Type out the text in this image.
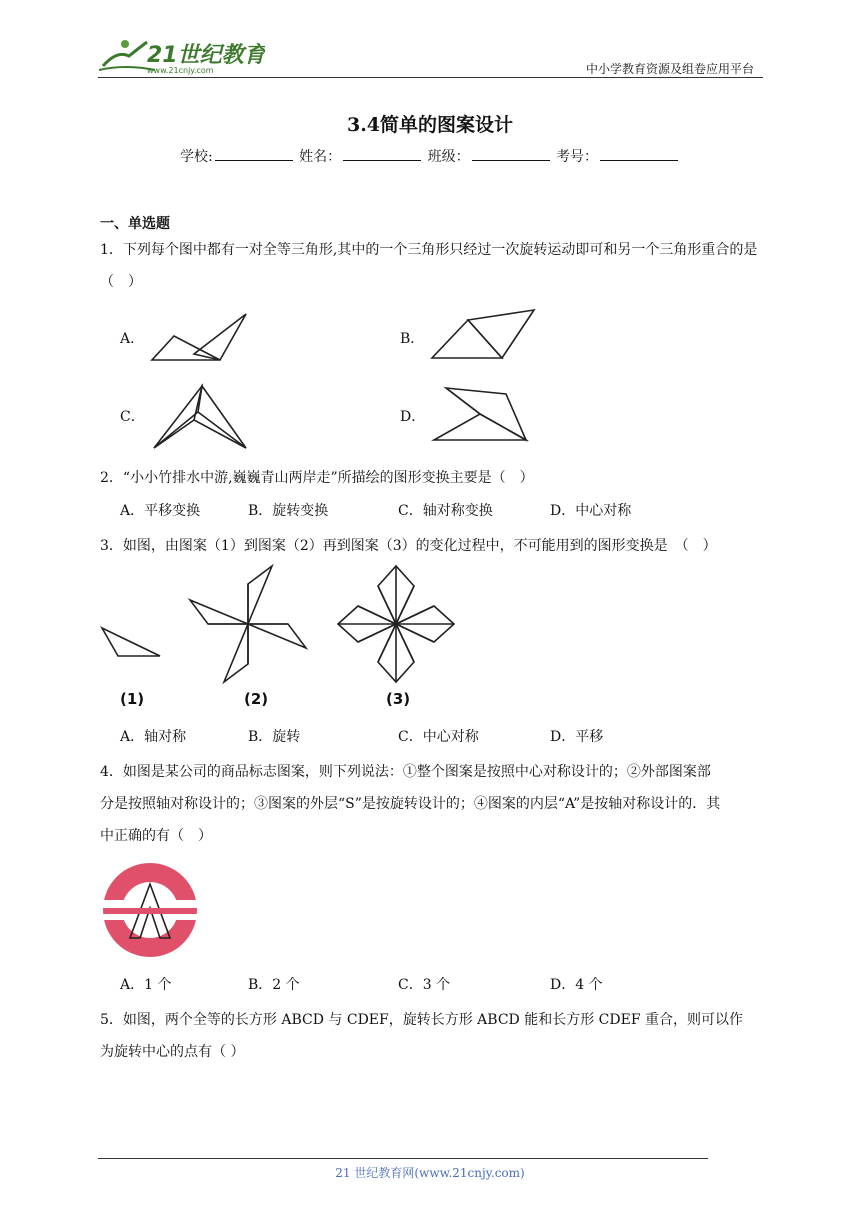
21世纪教育
www.21cnjy.com	中小学教育资源及组卷应用平台
3.4简单的图案设计
学校:	姓名：	班级：	考号：
一、单选题
1．下列每个图中都有一对全等三角形,其中的一个三角形只经过一次旋转运动即可和另一个三角形重合的是（　）
A．	B．
C．	D．
2．“小小竹排水中游,巍巍青山两岸走”所描绘的图形变换主要是（　）
A．平移变换	B．旋转变换	C．轴对称变换	D．中心对称
3．如图，由图案（1）到图案（2）再到图案（3）的变化过程中，不可能用到的图形变换是　（　）
(1)	(2)	(3)
A．轴对称	B．旋转	C．中心对称	D．平移
4．如图是某公司的商品标志图案，则下列说法：①整个图案是按照中心对称设计的；②外部图案部
分是按照轴对称设计的；③图案的外层“S”是按旋转设计的；④图案的内层“A”是按轴对称设计的．其
中正确的有（　）
A．1 个	B．2 个	C．3 个	D．4 个
5．如图，两个全等的长方形 ABCD 与 CDEF，旋转长方形 ABCD 能和长方形 CDEF 重合，则可以作
为旋转中心的点有（ ）
21 世纪教育网(www.21cnjy.com)
